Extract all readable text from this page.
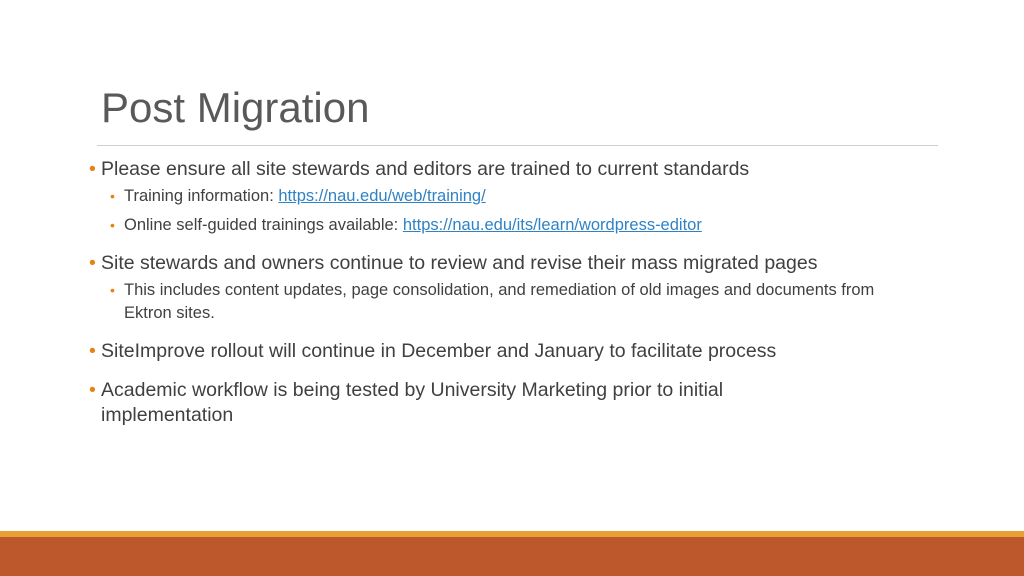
Post Migration

• Please ensure all site stewards and editors are trained to current standards

• Training information: https://nau.edu/web/training/

• Online self-guided trainings available: https://nau.edu/its/learn/wordpress-editor

• Site stewards and owners continue to review and revise their mass migrated pages

• This includes content updates, page consolidation, and remediation of old images and documents from Ektron sites.

• SiteImprove rollout will continue in December and January to facilitate process

• Academic workflow is being tested by University Marketing prior to initial implementation
